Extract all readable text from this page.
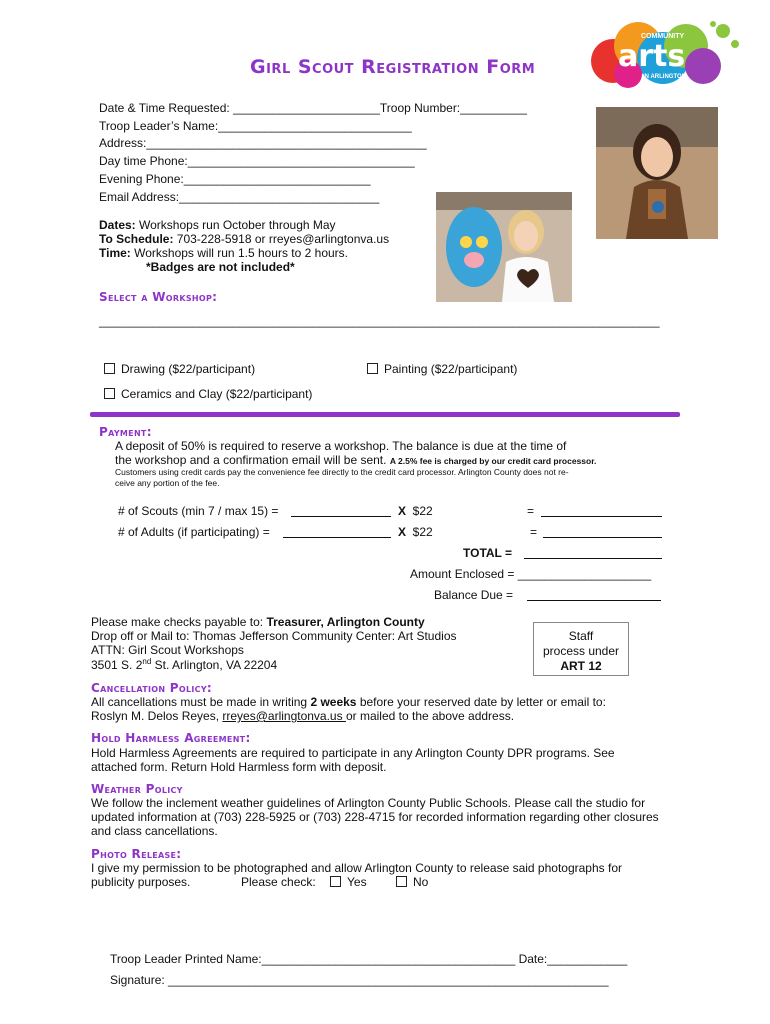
Girl Scout Registration Form
COMMUNITY
arts
IN ARLINGTON
Date & Time Requested: ______________________Troop Number:__________
Troop Leader’s Name:_____________________________
Address:__________________________________________
Day time Phone:__________________________________
Evening Phone:____________________________
Email Address:______________________________
Dates: Workshops run October through May
To Schedule: 703-228-5918 or rreyes@arlingtonva.us
Time: Workshops will run 1.5 hours to 2 hours.
*Badges are not included*
Select a Workshop:
____________________________________________________________________________________
Drawing ($22/participant)	Painting ($22/participant)
Ceramics and Clay ($22/participant)
Payment:
A deposit of 50% is required to reserve a workshop. The balance is due at the time of
the workshop and a confirmation email will be sent. A 2.5% fee is charged by our credit card processor.
Customers using credit cards pay the convenience fee directly to the credit card processor. Arlington County does not re-
ceive any portion of the fee.
# of Scouts (min 7 / max 15) =	X  $22	=
# of Adults (if participating) =	X  $22	=
TOTAL =
Amount Enclosed = ____________________
Balance Due =
Please make checks payable to: Treasurer, Arlington County
Drop off or Mail to: Thomas Jefferson Community Center: Art Studios
ATTN: Girl Scout Workshops
3501 S. 2nd St. Arlington, VA 22204
Staff
process under
ART 12
Cancellation Policy:
All cancellations must be made in writing 2 weeks before your reserved date by letter or email to:
Roslyn M. Delos Reyes, rreyes@arlingtonva.us or mailed to the above address.
Hold Harmless Agreement:
Hold Harmless Agreements are required to participate in any Arlington County DPR programs. See
attached form. Return Hold Harmless form with deposit.
Weather Policy
We follow the inclement weather guidelines of Arlington County Public Schools. Please call the studio for
updated information at (703) 228-5925 or (703) 228-4715 for recorded information regarding other closures
and class cancellations.
Photo Release:
I give my permission to be photographed and allow Arlington County to release said photographs for
publicity purposes.	Please check:	Yes	No
Troop Leader Printed Name:______________________________________ Date:____________
Signature: __________________________________________________________________
